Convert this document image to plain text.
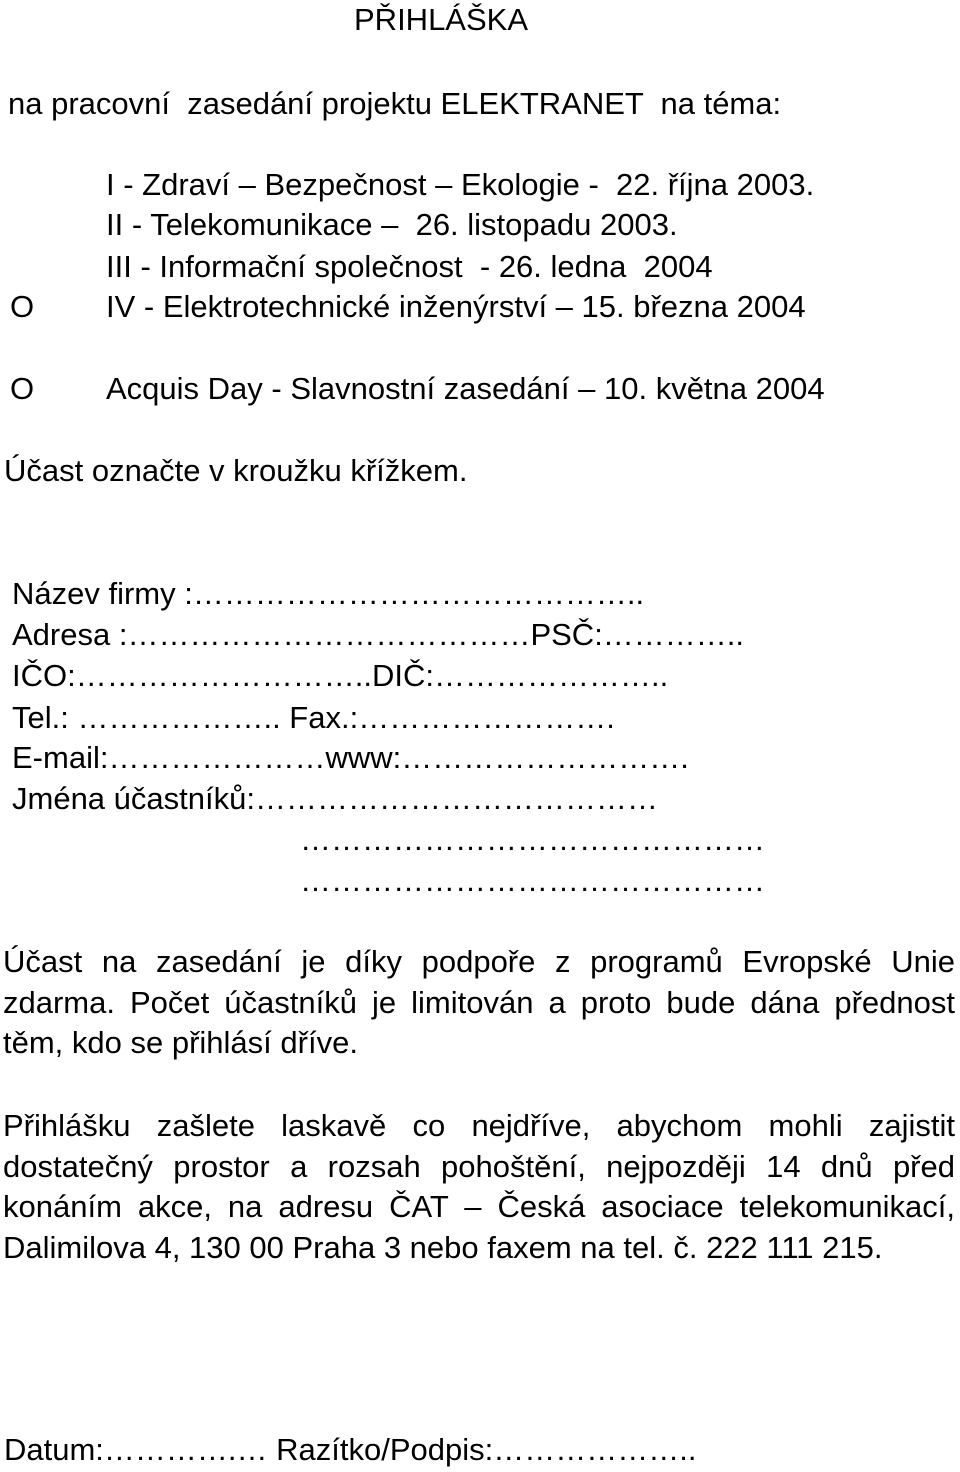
PŘIHLÁŠKA
na pracovní  zasedání projektu ELEKTRANET  na téma:
I - Zdraví – Bezpečnost – Ekologie -  22. října 2003.
II - Telekomunikace –  26. listopadu 2003.
III - Informační společnost  - 26. ledna  2004
O IV - Elektrotechnické inženýrství – 15. března 2004
O Acquis Day - Slavnostní zasedání – 10. května 2004
Účast označte v kroužku křížkem.
Název firmy :……………………………………..
Adresa :…………………………………PSČ:…………..
IČO:………………………..DIČ:…………………..
Tel.: ……………….. Fax.:…………………….
E-mail:…………………www:……………………….
Jména účastníků:…………………………………
………………………………………
………………………………………

Účast na zasedání je díky podpoře z programů Evropské Unie zdarma. Počet účastníků je limitován a proto bude dána přednost těm, kdo se přihlásí dříve.

Přihlášku zašlete laskavě co nejdříve, abychom mohli zajistit dostatečný prostor a rozsah pohoštění, nejpozději 14 dnů před konáním akce, na adresu ČAT – Česká asociace telekomunikací, Dalimilova 4, 130 00 Praha 3 nebo faxem na tel. č. 222 111 215.

Datum:………….… Razítko/Podpis:………………..
